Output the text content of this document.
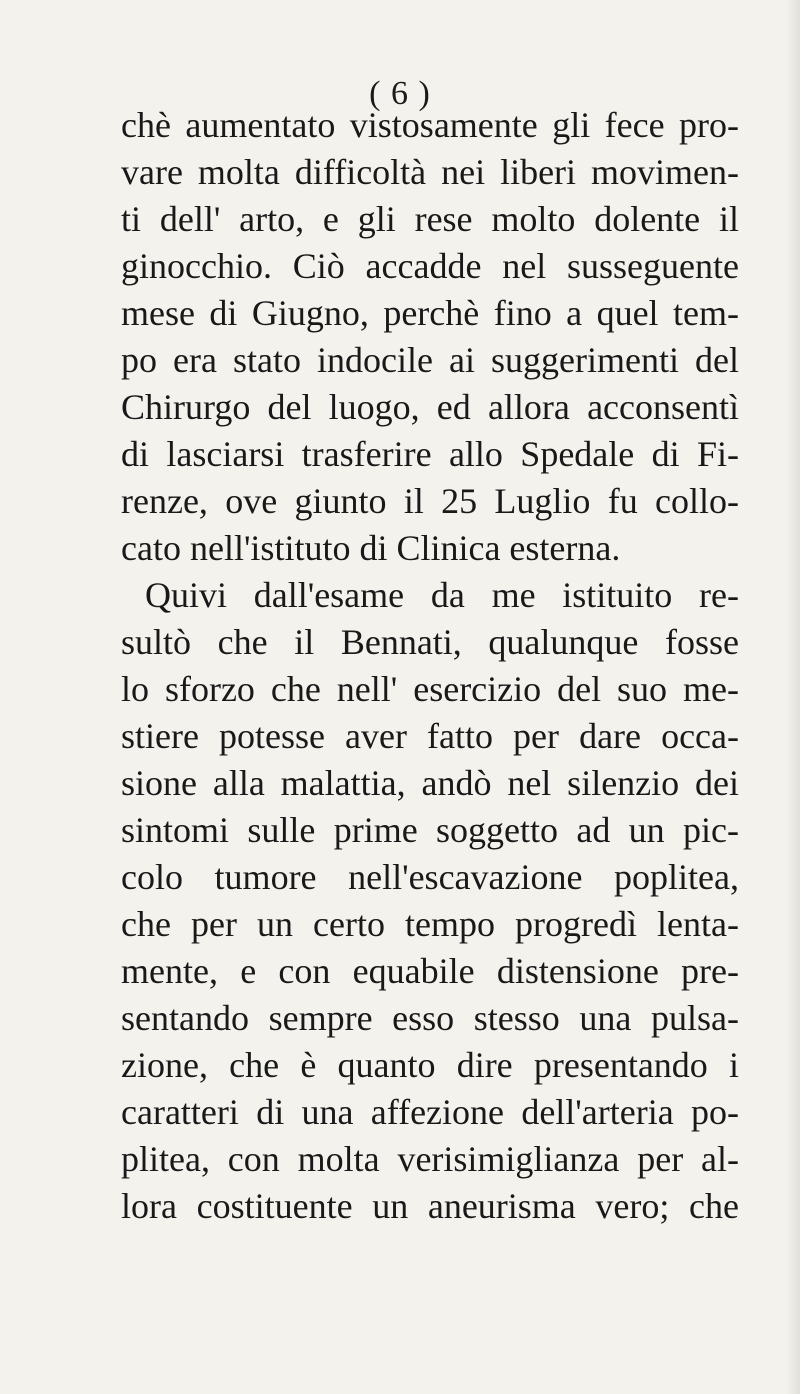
( 6 )
chè aumentato vistosamente gli fece pro-
vare molta difficoltà nei liberi movimen-
ti dell' arto, e gli rese molto dolente il
ginocchio. Ciò accadde nel susseguente
mese di Giugno, perchè fino a quel tem-
po era stato indocile ai suggerimenti del
Chirurgo del luogo, ed allora acconsentì
di lasciarsi trasferire allo Spedale di Fi-
renze, ove giunto il 25 Luglio fu collo-
cato nell'istituto di Clinica esterna.
Quivi dall'esame da me istituito re-
sultò che il Bennati, qualunque fosse
lo sforzo che nell' esercizio del suo me-
stiere potesse aver fatto per dare occa-
sione alla malattia, andò nel silenzio dei
sintomi sulle prime soggetto ad un pic-
colo tumore nell'escavazione poplitea,
che per un certo tempo progredì lenta-
mente, e con equabile distensione pre-
sentando sempre esso stesso una pulsa-
zione, che è quanto dire presentando i
caratteri di una affezione dell'arteria po-
plitea, con molta verisimiglianza per al-
lora costituente un aneurisma vero; che
